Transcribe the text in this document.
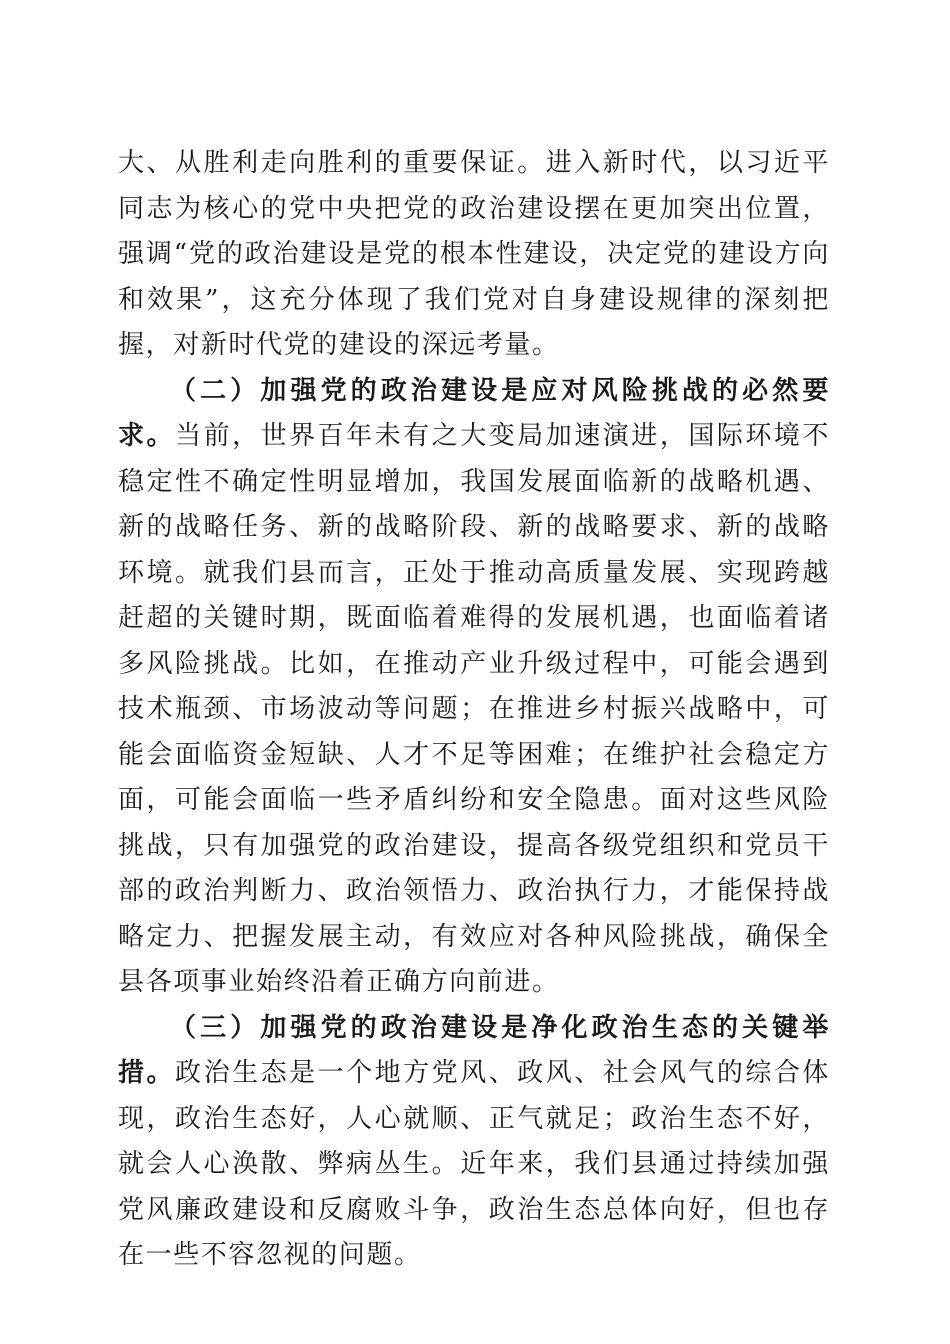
大、从胜利走向胜利的重要保证。进入新时代，以习近平同志为核心的党中央把党的政治建设摆在更加突出位置，强调“党的政治建设是党的根本性建设，决定党的建设方向和效果”，这充分体现了我们党对自身建设规律的深刻把握，对新时代党的建设的深远考量。

（二）加强党的政治建设是应对风险挑战的必然要求。当前，世界百年未有之大变局加速演进，国际环境不稳定性不确定性明显增加，我国发展面临新的战略机遇、新的战略任务、新的战略阶段、新的战略要求、新的战略环境。就我们县而言，正处于推动高质量发展、实现跨越赶超的关键时期，既面临着难得的发展机遇，也面临着诸多风险挑战。比如，在推动产业升级过程中，可能会遇到技术瓶颈、市场波动等问题；在推进乡村振兴战略中，可能会面临资金短缺、人才不足等困难；在维护社会稳定方面，可能会面临一些矛盾纠纷和安全隐患。面对这些风险挑战，只有加强党的政治建设，提高各级党组织和党员干部的政治判断力、政治领悟力、政治执行力，才能保持战略定力、把握发展主动，有效应对各种风险挑战，确保全县各项事业始终沿着正确方向前进。

（三）加强党的政治建设是净化政治生态的关键举措。政治生态是一个地方党风、政风、社会风气的综合体现，政治生态好，人心就顺、正气就足；政治生态不好，就会人心涣散、弊病丛生。近年来，我们县通过持续加强党风廉政建设和反腐败斗争，政治生态总体向好，但也存在一些不容忽视的问题。
